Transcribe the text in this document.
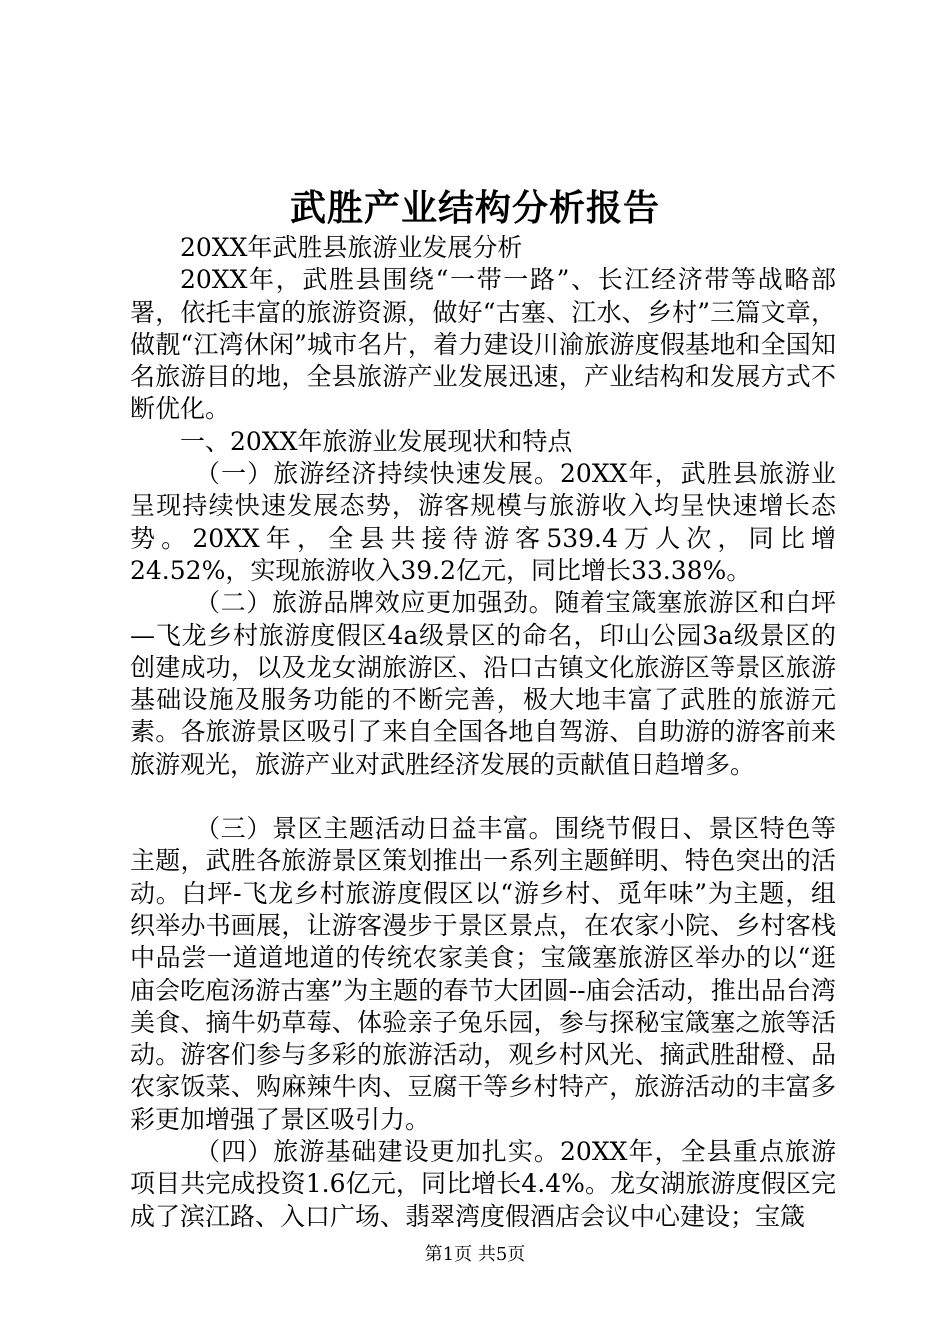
武胜产业结构分析报告

20XX年武胜县旅游业发展分析

20XX年，武胜县围绕“一带一路”、长江经济带等战略部署，依托丰富的旅游资源，做好“古塞、江水、乡村”三篇文章，做靓“江湾休闲”城市名片，着力建设川渝旅游度假基地和全国知名旅游目的地，全县旅游产业发展迅速，产业结构和发展方式不断优化。

一、20XX年旅游业发展现状和特点

（一）旅游经济持续快速发展。20XX年，武胜县旅游业呈现持续快速发展态势，游客规模与旅游收入均呈快速增长态势。20XX年，全县共接待游客539.4万人次，同比增24.52%，实现旅游收入39.2亿元，同比增长33.38%。

（二）旅游品牌效应更加强劲。随着宝箴塞旅游区和白坪—飞龙乡村旅游度假区4a级景区的命名，印山公园3a级景区的创建成功，以及龙女湖旅游区、沿口古镇文化旅游区等景区旅游基础设施及服务功能的不断完善，极大地丰富了武胜的旅游元素。各旅游景区吸引了来自全国各地自驾游、自助游的游客前来旅游观光，旅游产业对武胜经济发展的贡献值日趋增多。

（三）景区主题活动日益丰富。围绕节假日、景区特色等主题，武胜各旅游景区策划推出一系列主题鲜明、特色突出的活动。白坪-飞龙乡村旅游度假区以“游乡村、觅年味”为主题，组织举办书画展，让游客漫步于景区景点，在农家小院、乡村客栈中品尝一道道地道的传统农家美食；宝箴塞旅游区举办的以“逛庙会吃庖汤游古塞”为主题的春节大团圆--庙会活动，推出品台湾美食、摘牛奶草莓、体验亲子兔乐园，参与探秘宝箴塞之旅等活动。游客们参与多彩的旅游活动，观乡村风光、摘武胜甜橙、品农家饭菜、购麻辣牛肉、豆腐干等乡村特产，旅游活动的丰富多彩更加增强了景区吸引力。

（四）旅游基础建设更加扎实。20XX年，全县重点旅游项目共完成投资1.6亿元，同比增长4.4%。龙女湖旅游度假区完成了滨江路、入口广场、翡翠湾度假酒店会议中心建设；宝箴

第1页 共5页
